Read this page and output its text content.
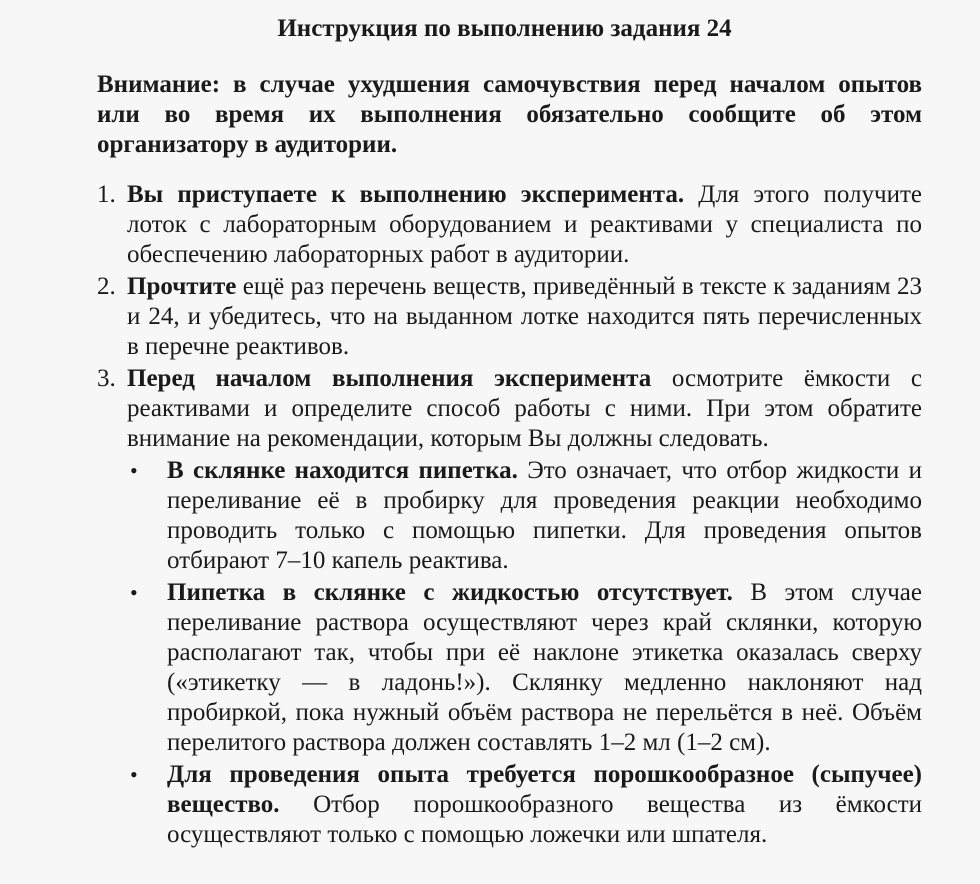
Инструкция по выполнению задания 24
Внимание: в случае ухудшения самочувствия перед началом опытов или во время их выполнения обязательно сообщите об этом организатору в аудитории.
1. Вы приступаете к выполнению эксперимента. Для этого получите лоток с лабораторным оборудованием и реактивами у специалиста по обеспечению лабораторных работ в аудитории.
2. Прочтите ещё раз перечень веществ, приведённый в тексте к заданиям 23 и 24, и убедитесь, что на выданном лотке находится пять перечисленных в перечне реактивов.
3. Перед началом выполнения эксперимента осмотрите ёмкости с реактивами и определите способ работы с ними. При этом обратите внимание на рекомендации, которым Вы должны следовать.
• В склянке находится пипетка. Это означает, что отбор жидкости и переливание её в пробирку для проведения реакции необходимо проводить только с помощью пипетки. Для проведения опытов отбирают 7–10 капель реактива.
• Пипетка в склянке с жидкостью отсутствует. В этом случае переливание раствора осуществляют через край склянки, которую располагают так, чтобы при её наклоне этикетка оказалась сверху («этикетку — в ладонь!»). Склянку медленно наклоняют над пробиркой, пока нужный объём раствора не перельётся в неё. Объём перелитого раствора должен составлять 1–2 мл (1–2 см).
• Для проведения опыта требуется порошкообразное (сыпучее) вещество. Отбор порошкообразного вещества из ёмкости осуществляют только с помощью ложечки или шпателя.
